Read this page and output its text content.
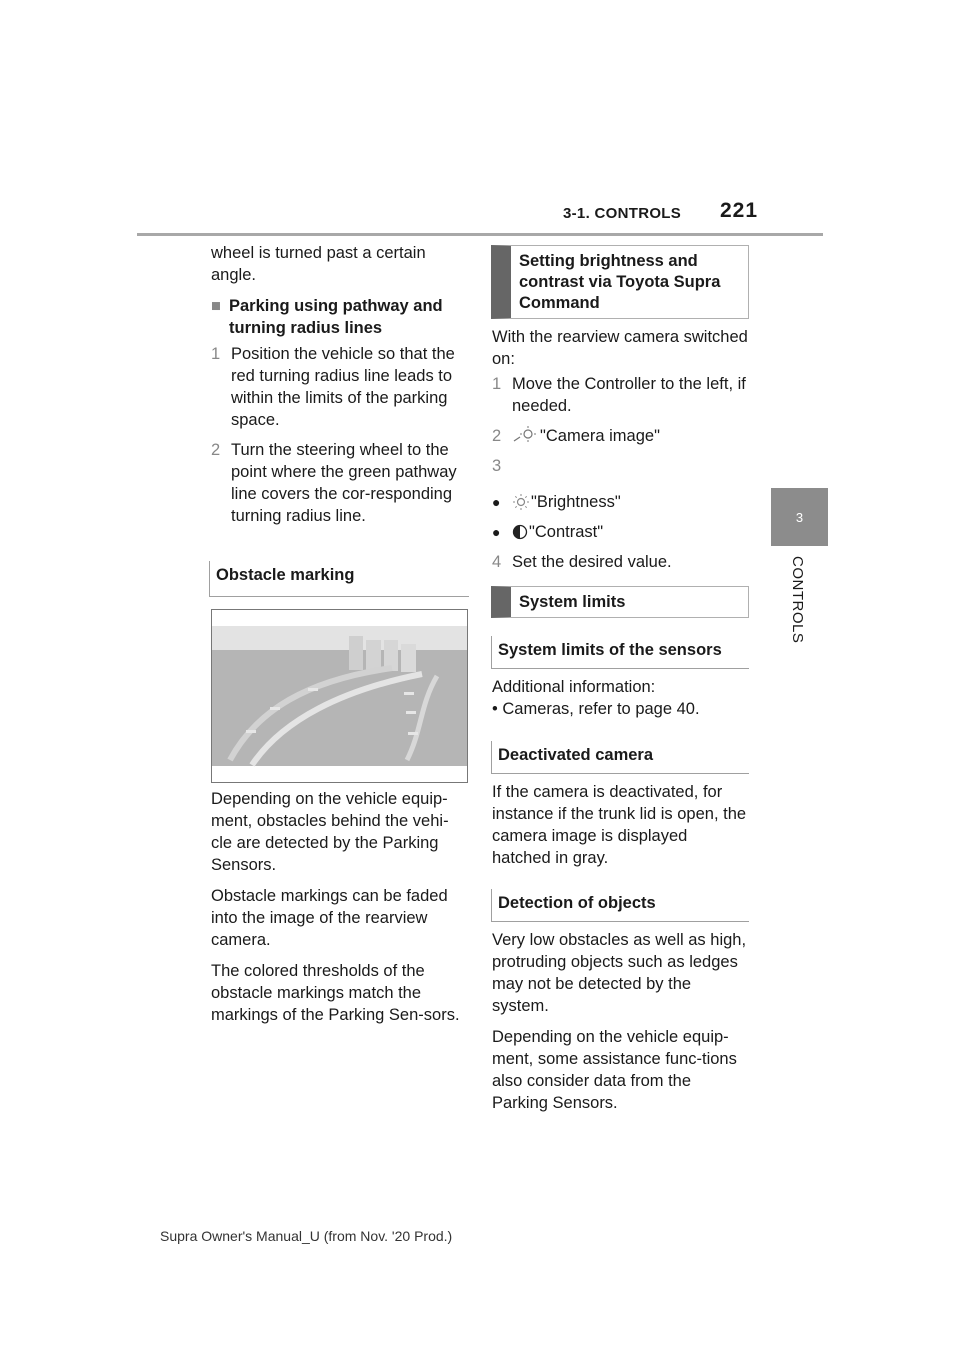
3-1. CONTROLS 221
3
CONTROLS

wheel is turned past a certain angle.

■ Parking using pathway and turning radius lines
1 Position the vehicle so that the red turning radius line leads to within the limits of the parking space.
2 Turn the steering wheel to the point where the green pathway line covers the cor-responding turning radius line.
Obstacle marking

Depending on the vehicle equip-ment, obstacles behind the vehi-cle are detected by the Parking Sensors.

Obstacle markings can be faded into the image of the rearview camera.

The colored thresholds of the obstacle markings match the markings of the Parking Sen-sors.

Setting brightness and contrast via Toyota Supra Command

With the rearview camera switched on:

1 Move the Controller to the left, if needed.
2	"Camera image"
3
●	"Brightness"
●	"Contrast"
4 Set the desired value.
System limits
System limits of the sensors

Additional information:

• Cameras, refer to page 40.

Deactivated camera

If the camera is deactivated, for instance if the trunk lid is open, the camera image is displayed hatched in gray.

Detection of objects

Very low obstacles as well as high, protruding objects such as ledges may not be detected by the system.

Depending on the vehicle equip-ment, some assistance func-tions also consider data from the Parking Sensors.

Supra Owner's Manual_U (from Nov. '20 Prod.)
